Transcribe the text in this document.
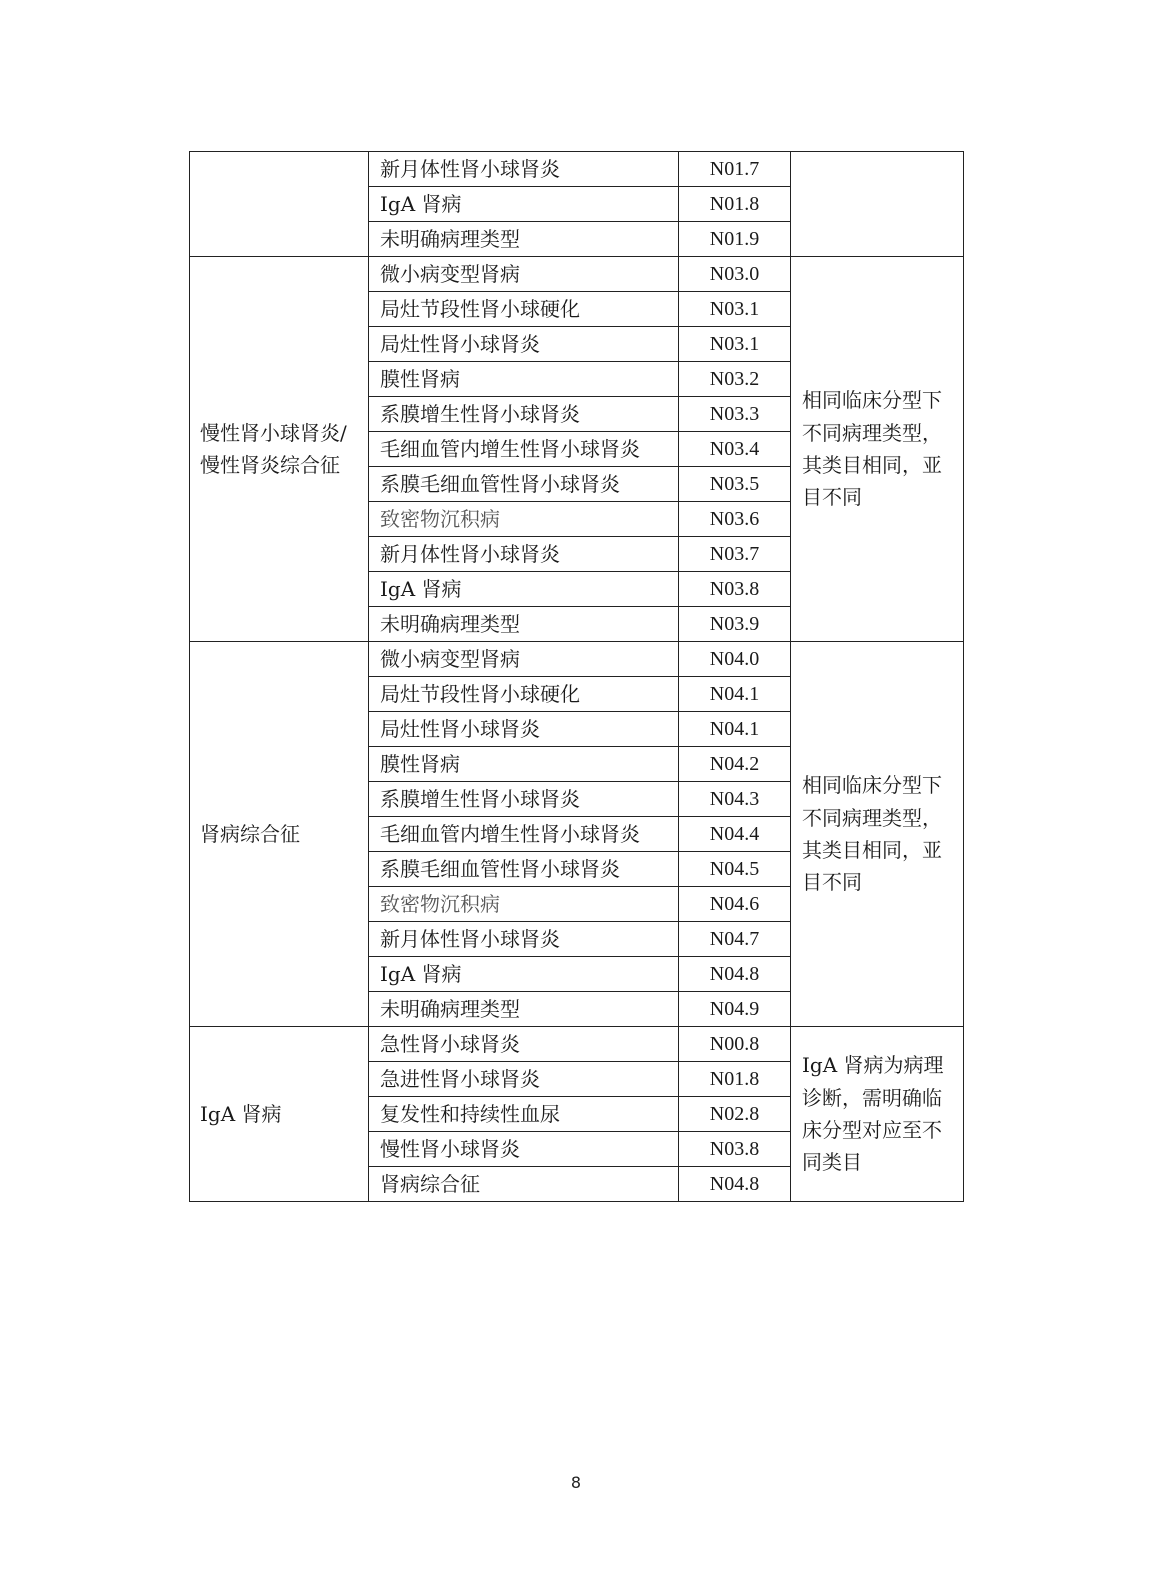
	新月体性肾小球肾炎	N01.7	
	IgA 肾病	N01.8	
	未明确病理类型	N01.9	
慢性肾小球肾炎/慢性肾炎综合征	微小病变型肾病	N03.0	相同临床分型下不同病理类型，其类目相同，亚目不同
	局灶节段性肾小球硬化	N03.1	
	局灶性肾小球肾炎	N03.1	
	膜性肾病	N03.2	
	系膜增生性肾小球肾炎	N03.3	
	毛细血管内增生性肾小球肾炎	N03.4	
	系膜毛细血管性肾小球肾炎	N03.5	
	致密物沉积病	N03.6	
	新月体性肾小球肾炎	N03.7	
	IgA 肾病	N03.8	
	未明确病理类型	N03.9	
肾病综合征	微小病变型肾病	N04.0	相同临床分型下不同病理类型，其类目相同，亚目不同
	局灶节段性肾小球硬化	N04.1	
	局灶性肾小球肾炎	N04.1	
	膜性肾病	N04.2	
	系膜增生性肾小球肾炎	N04.3	
	毛细血管内增生性肾小球肾炎	N04.4	
	系膜毛细血管性肾小球肾炎	N04.5	
	致密物沉积病	N04.6	
	新月体性肾小球肾炎	N04.7	
	IgA 肾病	N04.8	
	未明确病理类型	N04.9	
IgA 肾病	急性肾小球肾炎	N00.8	IgA 肾病为病理诊断，需明确临床分型对应至不同类目
	急进性肾小球肾炎	N01.8	
	复发性和持续性血尿	N02.8	
	慢性肾小球肾炎	N03.8	
	肾病综合征	N04.8	
8
